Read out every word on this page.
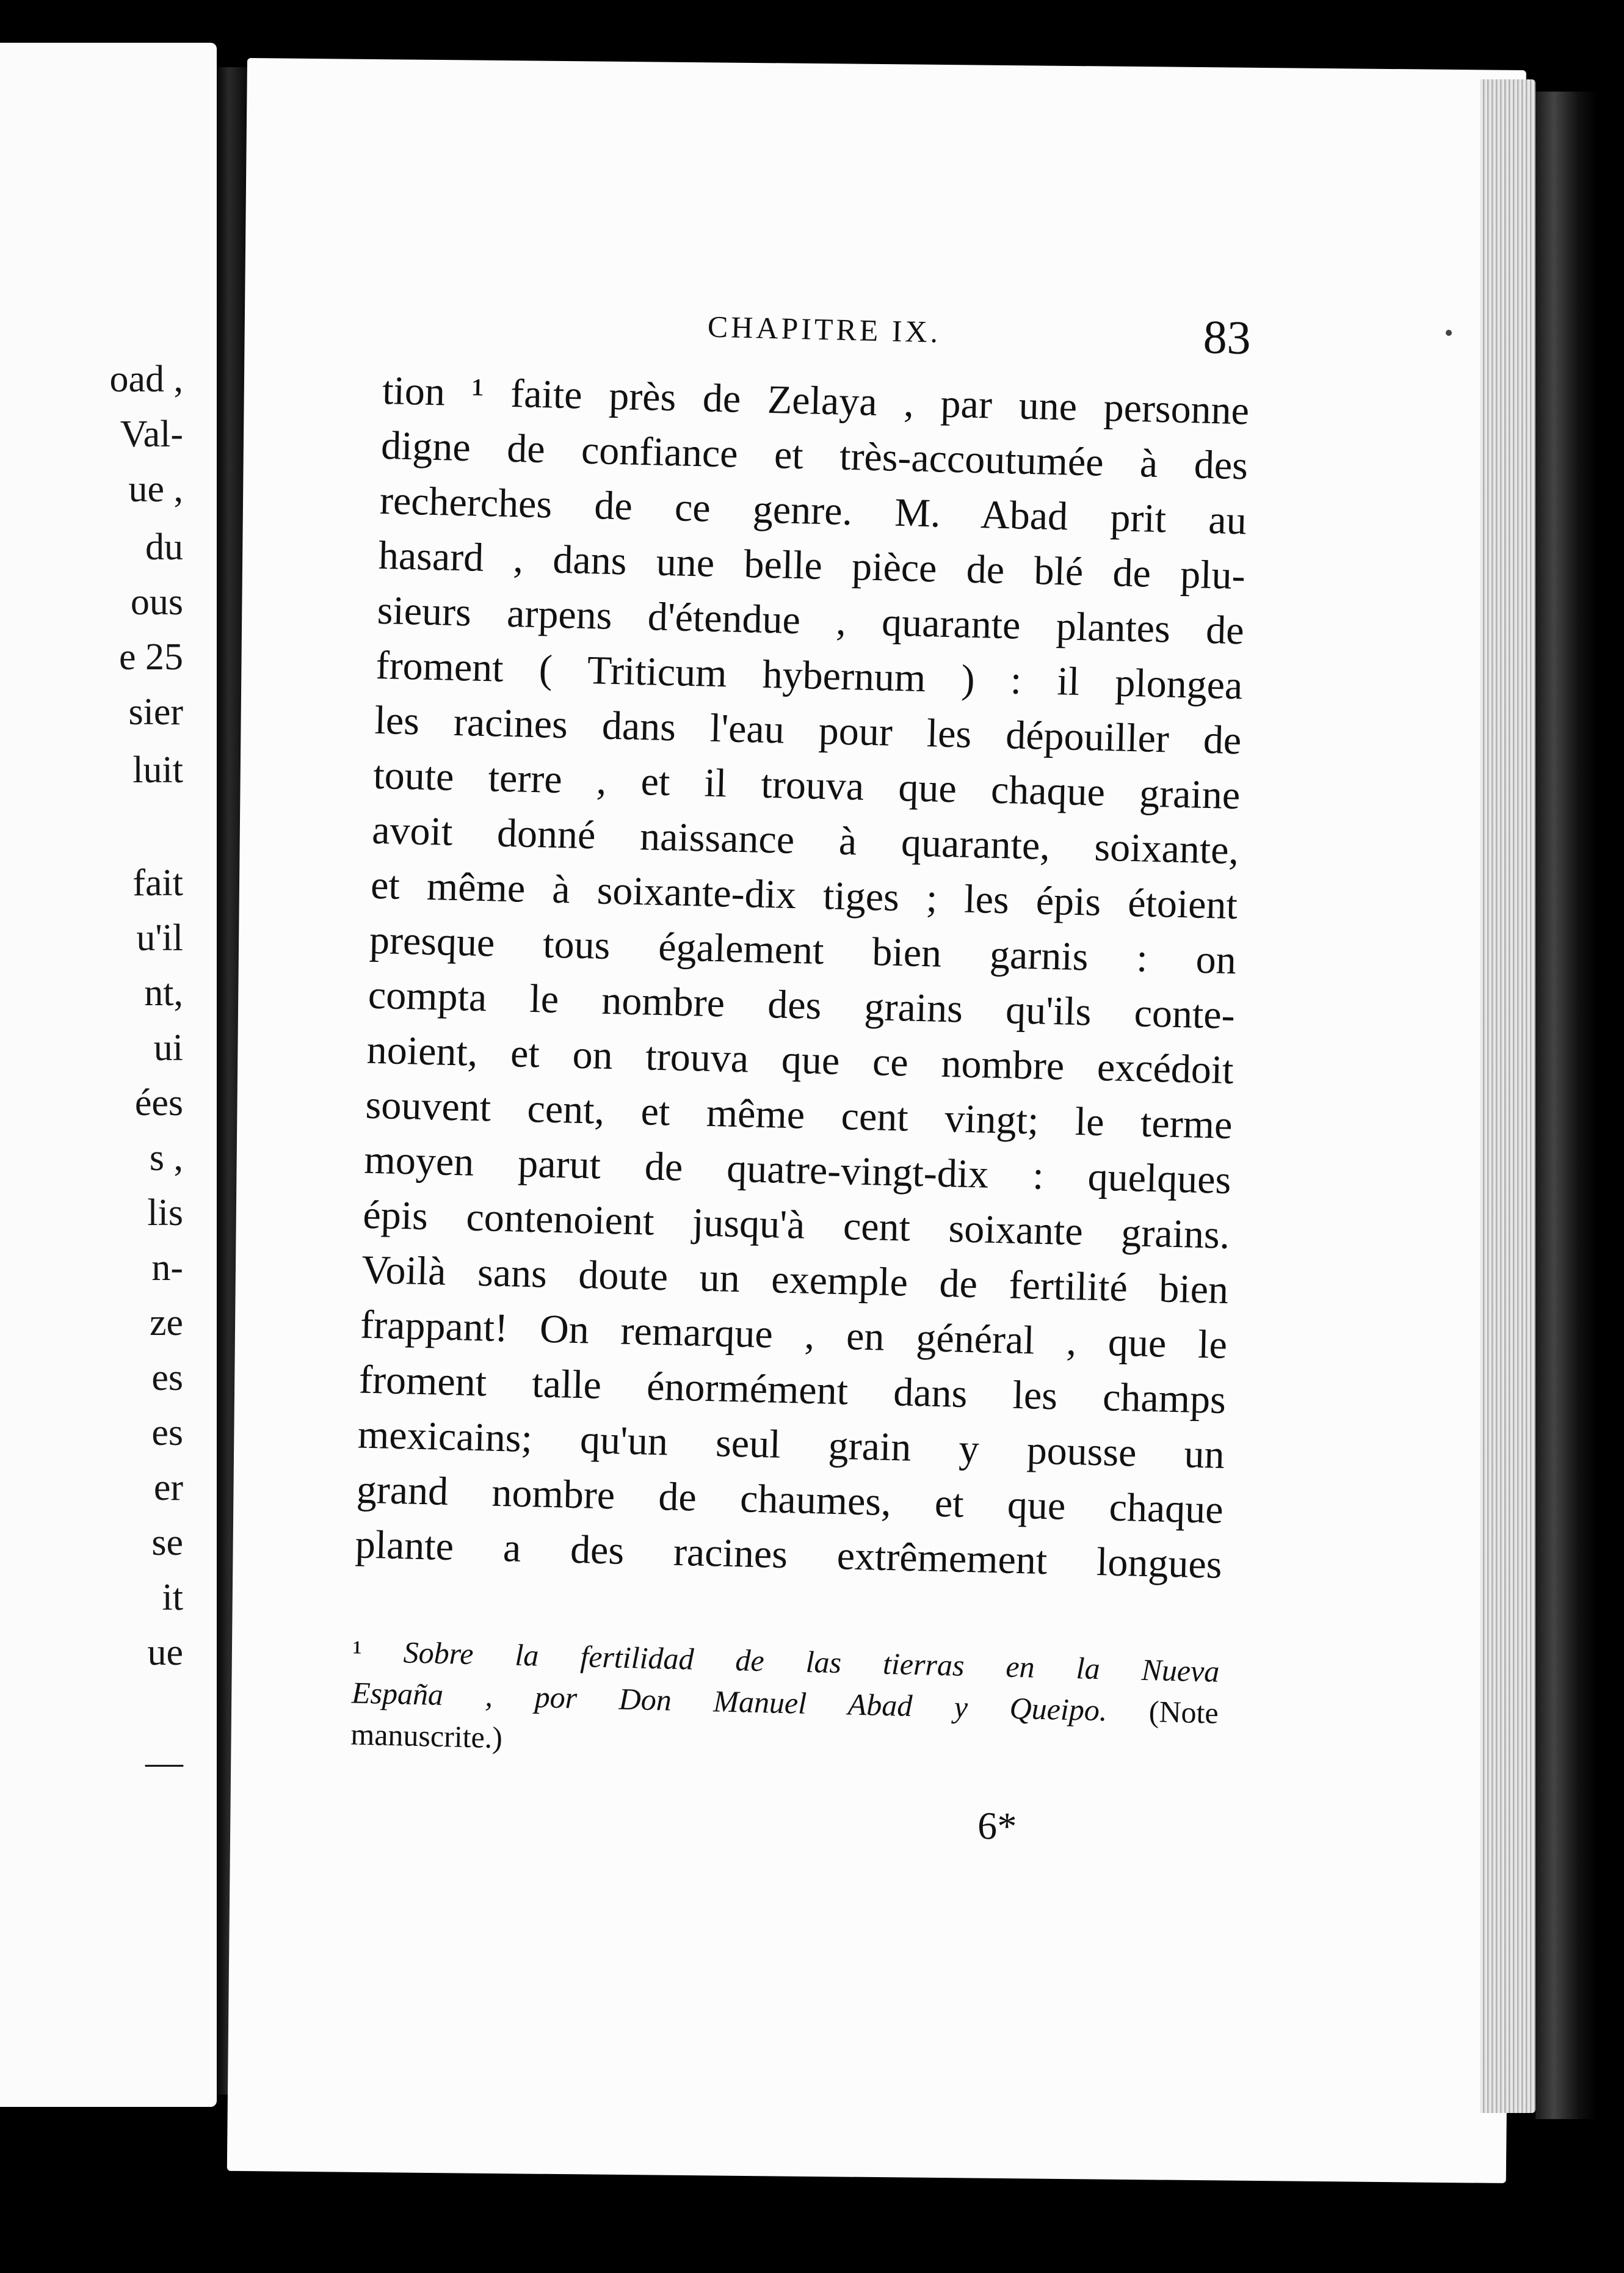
oad ,
Val-
ue ,
du
ous
e 25
sier
luit
fait
u'il
nt,
ui
ées
s ,
lis
n-
ze
es
es
er
se
it
ue
—
CHAPITRE IX.	83
tion ¹ faite près de Zelaya , par une personne
digne de confiance et très-accoutumée à des
recherches de ce genre. M. Abad prit au
hasard , dans une belle pièce de blé de plu-
sieurs arpens d'étendue , quarante plantes de
froment ( Triticum hybernum ) : il plongea
les racines dans l'eau pour les dépouiller de
toute terre , et il trouva que chaque graine
avoit donné naissance à quarante, soixante,
et même à soixante-dix tiges ; les épis étoient
presque tous également bien garnis : on
compta le nombre des grains qu'ils conte-
noient, et on trouva que ce nombre excédoit
souvent cent, et même cent vingt; le terme
moyen parut de quatre-vingt-dix : quelques
épis contenoient jusqu'à cent soixante grains.
Voilà sans doute un exemple de fertilité bien
frappant! On remarque , en général , que le
froment talle énormément dans les champs
mexicains; qu'un seul grain y pousse un
grand nombre de chaumes, et que chaque
plante a des racines extrêmement longues
¹ Sobre la fertilidad de las tierras en la Nueva
España , por Don Manuel Abad y Queipo. (Note
manuscrite.)
6*
